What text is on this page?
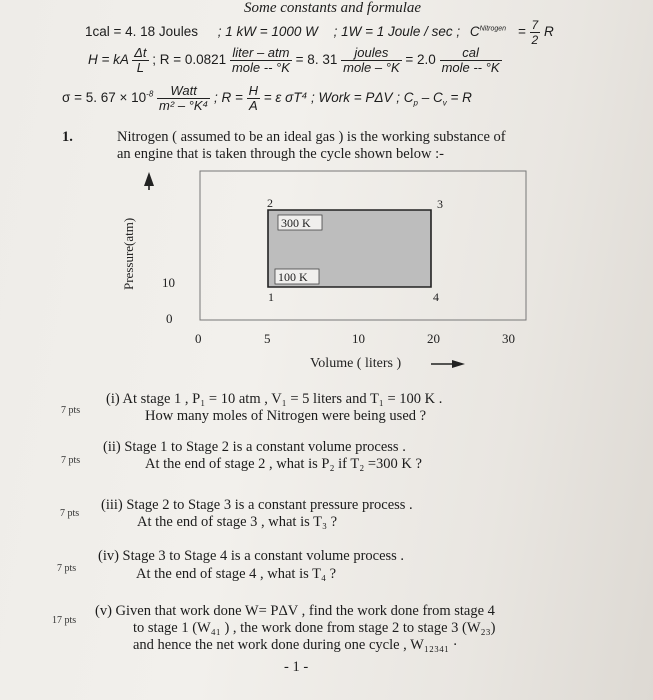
Some constants and formulae
1cal = 4. 18 Joules ; 1 kW = 1000 W ; 1W = 1 Joule / sec ; $C^{Nitrogen} = \frac{7}{2}$ R
H = kA $\frac{\Delta t}{L}$ ; $R = 0.0821 \frac{\text{liter – atm}}{\text{mole -- °K}} = 8$. $31 \frac{\text{joules}}{\text{mole – °K}} = 2.0 \frac{\text{cal}}{\text{mole -- °K}}$
σ = 5. $67 \times 10^{-8} \frac{\text{Watt}}{\text{m² – °K⁴}}$ ; $R = \frac{H}{A} = \varepsilon$ σT⁴ ; Work = PΔV ; $C_p - C_v = R$
1.	Nitrogen ( assumed to be an ideal gas ) is the working substance of
an engine that is taken through the cycle shown below :-
1
2	3
4
300 K
100 K
Pressure(atm)
Volume ( liters )
0	5	10	20	30
0
10
7 pts
(i) At stage 1 , P₁ = 10 atm , V₁ = 5 liters and T₁ = 100 K .
How many moles of Nitrogen were being used ?
7 pts
(ii) Stage 1 to Stage 2 is a constant volume process .
At the end of stage 2 , what is P₂ if T₂ =300 K ?
7 pts
(iii) Stage 2 to Stage 3 is a constant pressure process .
At the end of stage 3 , what is T₃ ?
7 pts
(iv) Stage 3 to Stage 4 is a constant volume process .
At the end of stage 4 , what is T₄ ?
17 pts
(v) Given that work done W= PΔV , find the work done from stage 4
to stage 1 (W₄₁ ) , the work done from stage 2 to stage 3 (W₂₃)
and hence the net work done during one cycle , W₁₂₃₄₁ ·
- 1 -
